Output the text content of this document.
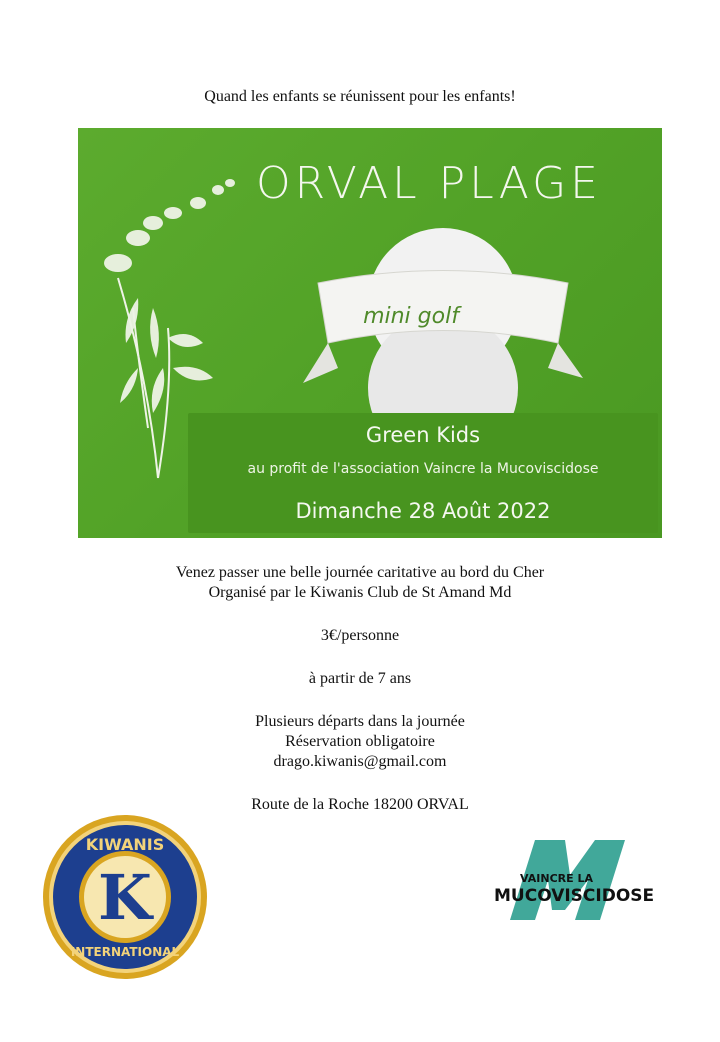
Quand les enfants se réunissent pour les enfants!
ORVAL PLAGE
mini golf
Green Kids
au profit de l'association Vaincre la Mucoviscidose
Dimanche 28 Août 2022
Venez passer une belle journée caritative au bord du Cher
Organisé par le Kiwanis Club de St Amand Md
3€/personne
à partir de 7 ans
Plusieurs départs dans la journée
Réservation obligatoire
drago.kiwanis@gmail.com
Route de la Roche 18200 ORVAL
K
KIWANIS
INTERNATIONAL
VAINCRE LA
MUCOVISCIDOSE
